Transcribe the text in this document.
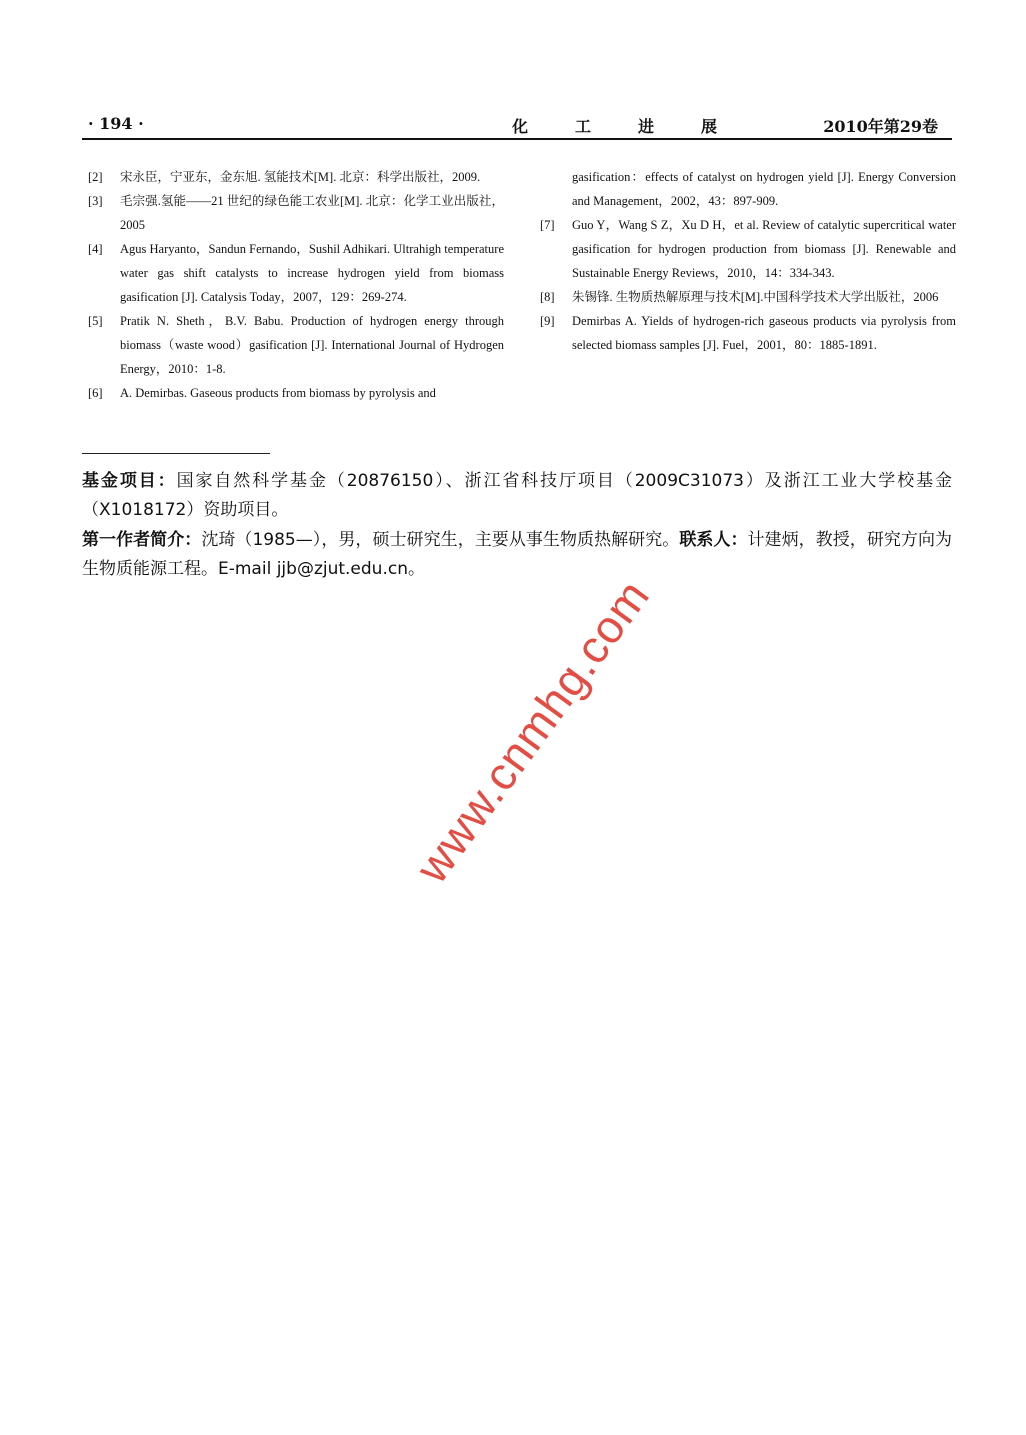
· 194 ·	化工进展	2010年第29卷
[2] 宋永臣，宁亚东，金东旭. 氢能技术[M]. 北京：科学出版社，2009.
[3] 毛宗强.氢能——21 世纪的绿色能工农业[M]. 北京：化学工业出版社，2005
[4] Agus Haryanto，Sandun Fernando，Sushil Adhikari. Ultrahigh temperature water gas shift catalysts to increase hydrogen yield from biomass gasification [J]. Catalysis Today，2007，129：269-274.
[5] Pratik N. Sheth，B.V. Babu. Production of hydrogen energy through biomass（waste wood）gasification [J]. International Journal of Hydrogen Energy，2010：1-8.
[6] A. Demirbas. Gaseous products from biomass by pyrolysis and
gasification：effects of catalyst on hydrogen yield [J]. Energy Conversion and Management，2002，43：897-909.
[7] Guo Y，Wang S Z，Xu D H，et al. Review of catalytic supercritical water gasification for hydrogen production from biomass [J]. Renewable and Sustainable Energy Reviews，2010，14：334-343.
[8] 朱锡锋. 生物质热解原理与技术[M].中国科学技术大学出版社，2006
[9] Demirbas A. Yields of hydrogen-rich gaseous products via pyrolysis from selected biomass samples [J]. Fuel，2001，80：1885-1891.
基金项目：国家自然科学基金（20876150）、浙江省科技厅项目（2009C31073）及浙江工业大学校基金（X1018172）资助项目。
第一作者简介：沈琦（1985—），男，硕士研究生，主要从事生物质热解研究。联系人：计建炳，教授，研究方向为生物质能源工程。E-mail jjb@zjut.edu.cn。
www.cnmhg.com
